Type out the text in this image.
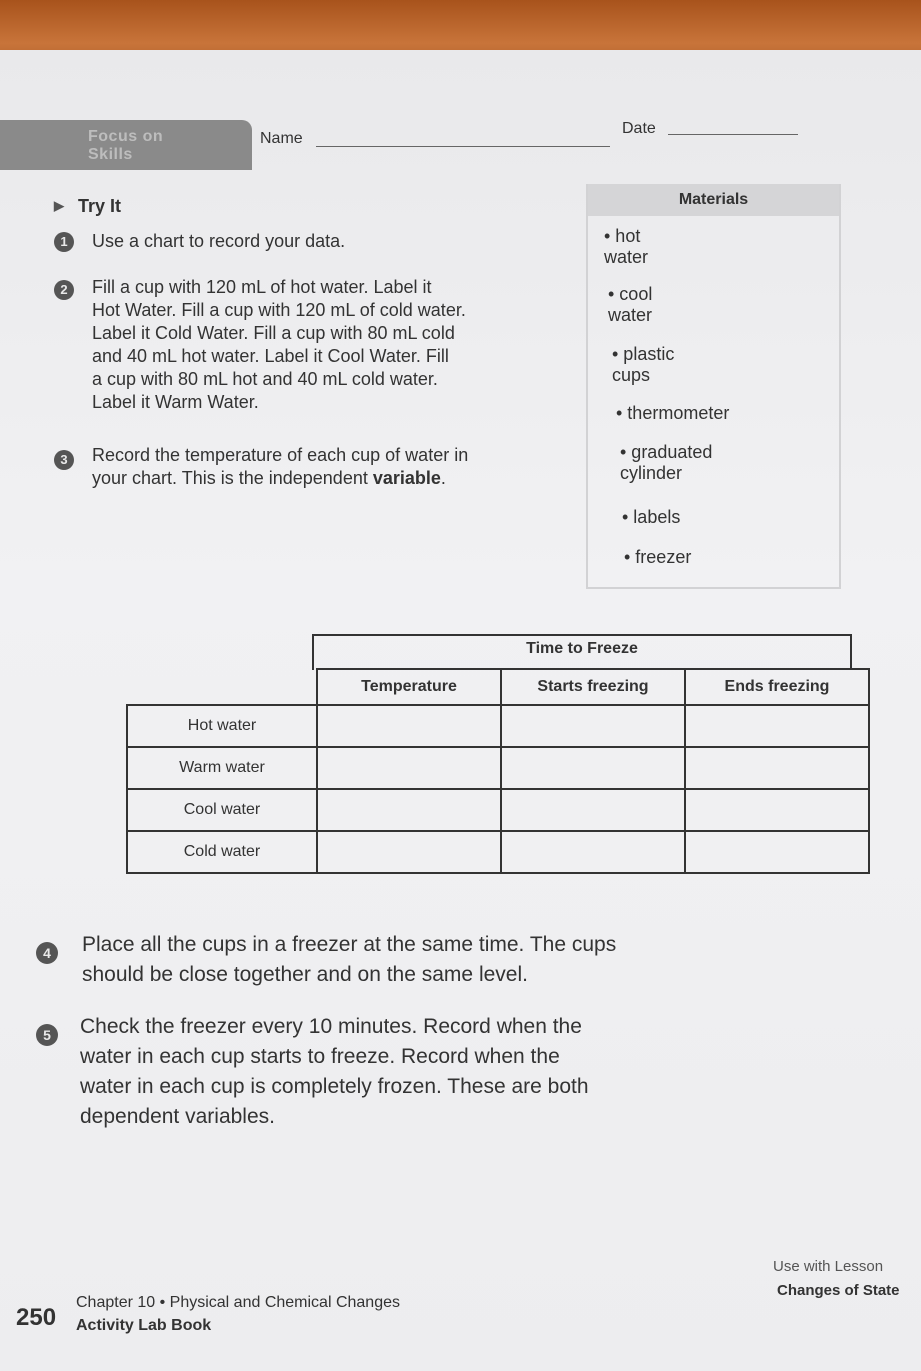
Focus on Skills
Name
Date
▶ Try It
1	Use a chart to record your data.
2	Fill a cup with 120 mL of hot water. Label it
Hot Water. Fill a cup with 120 mL of cold water.
Label it Cold Water. Fill a cup with 80 mL cold
and 40 mL hot water. Label it Cool Water. Fill
a cup with 80 mL hot and 40 mL cold water.
Label it Warm Water.
3	Record the temperature of each cup of water in
your chart. This is the independent variable.
Materials
• hot water
• cool water
• plastic cups
• thermometer
• graduated cylinder
• labels
• freezer
Time to Freeze
	Temperature	Starts freezing	Ends freezing
Hot water			
Warm water			
Cool water			
Cold water			
4	Place all the cups in a freezer at the same time. The cups
should be close together and on the same level.
5	Check the freezer every 10 minutes. Record when the
water in each cup starts to freeze. Record when the
water in each cup is completely frozen. These are both
dependent variables.
250
Chapter 10 • Physical and Chemical Changes
Activity Lab Book
Use with Lesson
Changes of State
